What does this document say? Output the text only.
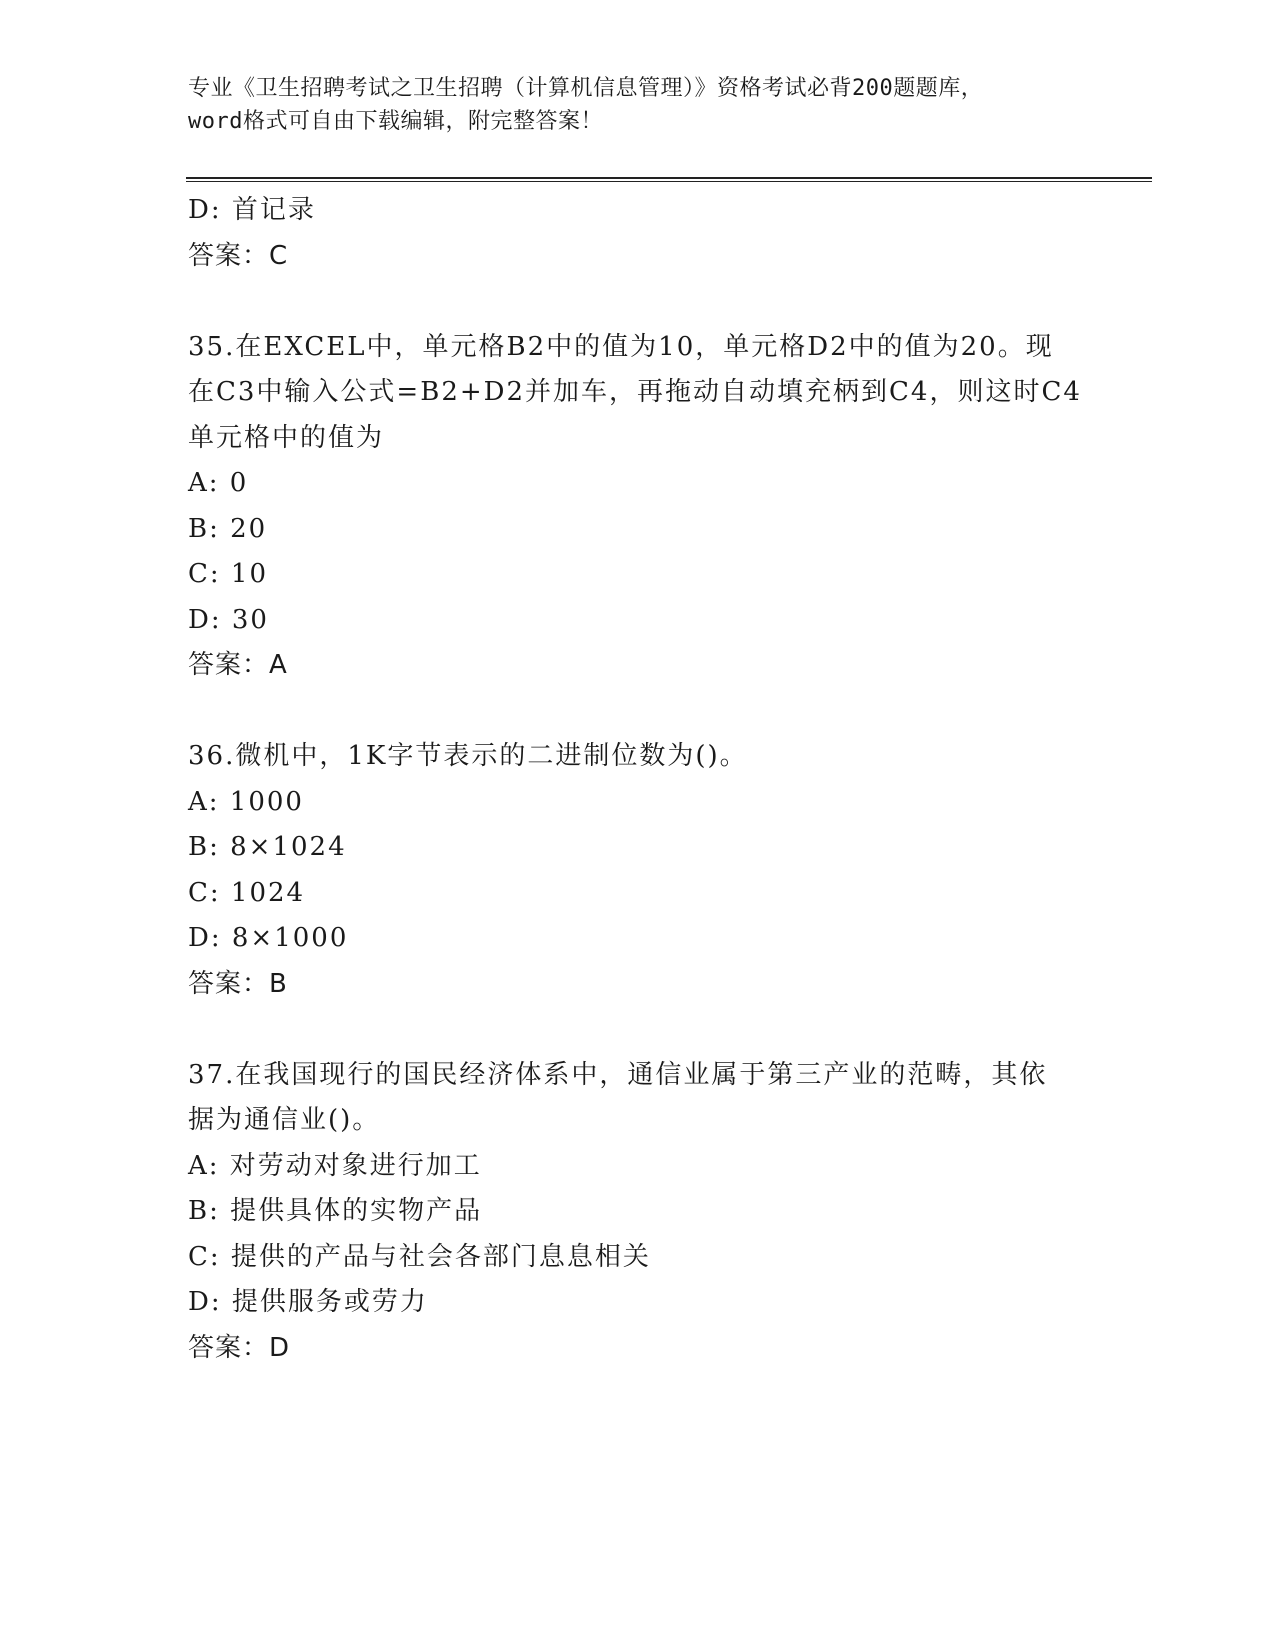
专业《卫生招聘考试之卫生招聘（计算机信息管理）》资格考试必背200题题库，
word格式可自由下载编辑，附完整答案！
D: 首记录
答案：C
35.在EXCEL中，单元格B2中的值为10，单元格D2中的值为20。现
在C3中输入公式=B2+D2并加车，再拖动自动填充柄到C4，则这时C4
单元格中的值为
A: 0
B: 20
C: 10
D: 30
答案：A
36.微机中，1K字节表示的二进制位数为()。
A: 1000
B: 8×1024
C: 1024
D: 8×1000
答案：B
37.在我国现行的国民经济体系中，通信业属于第三产业的范畴，其依
据为通信业()。
A: 对劳动对象进行加工
B: 提供具体的实物产品
C: 提供的产品与社会各部门息息相关
D: 提供服务或劳力
答案：D
